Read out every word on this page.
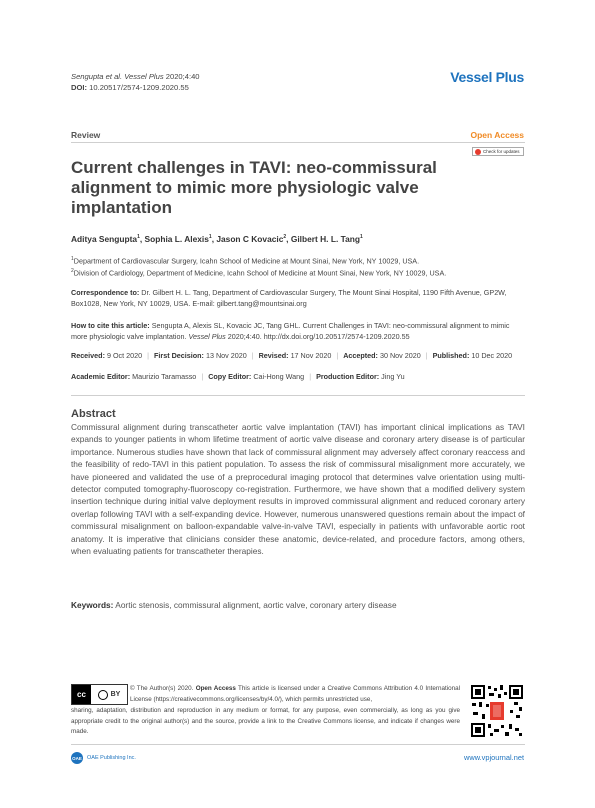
Sengupta et al. Vessel Plus 2020;4:40
DOI: 10.20517/2574-1209.2020.55
Vessel Plus
Review	Open Access
Check for updates
Current challenges in TAVI: neo-commissural alignment to mimic more physiologic valve implantation
Aditya Sengupta$^1$, Sophia L. Alexis$^1$, Jason C Kovacic$^2$, Gilbert H. L. Tang$^1$
$^1$Department of Cardiovascular Surgery, Icahn School of Medicine at Mount Sinai, New York, NY 10029, USA.
$^2$Division of Cardiology, Department of Medicine, Icahn School of Medicine at Mount Sinai, New York, NY 10029, USA.
Correspondence to: Dr. Gilbert H. L. Tang, Department of Cardiovascular Surgery, The Mount Sinai Hospital, 1190 Fifth Avenue, GP2W, Box1028, New York, NY 10029, USA. E-mail: gilbert.tang@mountsinai.org
How to cite this article: Sengupta A, Alexis SL, Kovacic JC, Tang GHL. Current Challenges in TAVI: neo-commissural alignment to mimic more physiologic valve implantation. Vessel Plus 2020;4:40. http://dx.doi.org/10.20517/2574-1209.2020.55
Received: 9 Oct 2020 | First Decision: 13 Nov 2020 | Revised: 17 Nov 2020 | Accepted: 30 Nov 2020 | Published: 10 Dec 2020
Academic Editor: Maurizio Taramasso | Copy Editor: Cai-Hong Wang | Production Editor: Jing Yu
Abstract
Commissural alignment during transcatheter aortic valve implantation (TAVI) has important clinical implications as TAVI expands to younger patients in whom lifetime treatment of aortic valve disease and coronary artery disease is of particular importance. Numerous studies have shown that lack of commissural alignment may adversely affect coronary reaccess and the feasibility of redo-TAVI in this patient population. To assess the risk of commissural misalignment more accurately, we have pioneered and validated the use of a preprocedural imaging protocol that determines valve orientation using multi-detector computed tomography-fluoroscopy co-registration. Furthermore, we have shown that a modified delivery system insertion technique during initial valve deployment results in improved commissural alignment and reduced coronary artery overlap following TAVI with a self-expanding device. However, numerous unanswered questions remain about the impact of commissural misalignment on balloon-expandable valve-in-valve TAVI, especially in patients with unfavorable aortic root anatomy. It is imperative that clinicians consider these anatomic, device-related, and procedure factors, among others, when evaluating patients for transcatheter therapies.
Keywords: Aortic stenosis, commissural alignment, aortic valve, coronary artery disease
cc	BY
© The Author(s) 2020. Open Access This article is licensed under a Creative Commons Attribution 4.0 International License (https://creativecommons.org/licenses/by/4.0/), which permits unrestricted use,
sharing, adaptation, distribution and reproduction in any medium or format, for any purpose, even commercially, as long as you give appropriate credit to the original author(s) and the source, provide a link to the Creative Commons license, and indicate if changes were made.
OAE OAE Publishing Inc.	www.vpjournal.net
